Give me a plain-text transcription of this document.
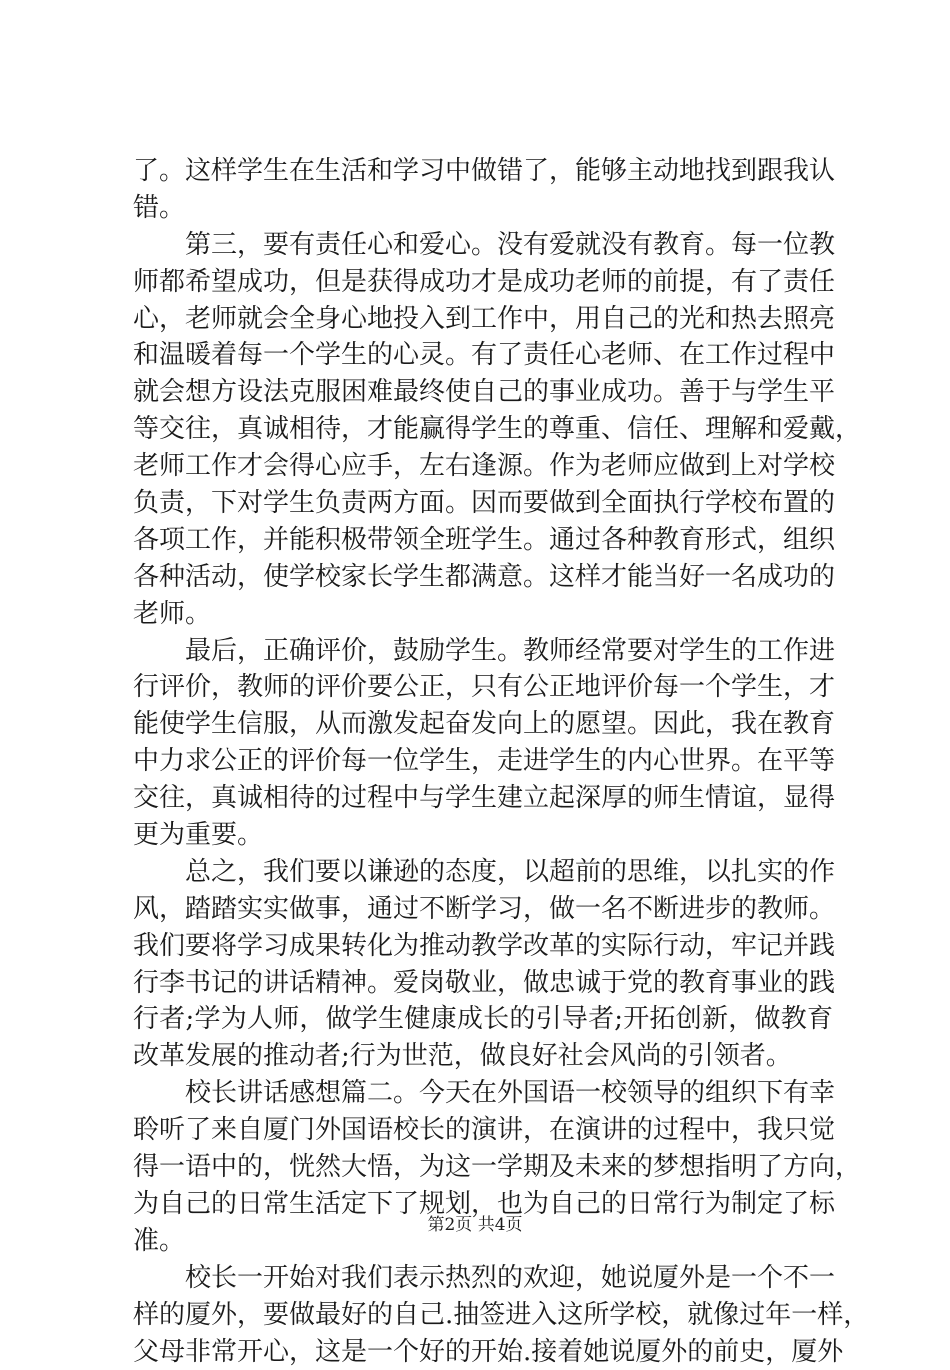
了。这样学生在生活和学习中做错了，能够主动地找到跟我认
错。
　　第三，要有责任心和爱心。没有爱就没有教育。每一位教
师都希望成功，但是获得成功才是成功老师的前提，有了责任
心，老师就会全身心地投入到工作中，用自己的光和热去照亮
和温暖着每一个学生的心灵。有了责任心老师、在工作过程中
就会想方设法克服困难最终使自己的事业成功。善于与学生平
等交往，真诚相待，才能赢得学生的尊重、信任、理解和爱戴，
老师工作才会得心应手，左右逢源。作为老师应做到上对学校
负责，下对学生负责两方面。因而要做到全面执行学校布置的
各项工作，并能积极带领全班学生。通过各种教育形式，组织
各种活动，使学校家长学生都满意。这样才能当好一名成功的
老师。
　　最后，正确评价，鼓励学生。教师经常要对学生的工作进
行评价，教师的评价要公正，只有公正地评价每一个学生，才
能使学生信服，从而激发起奋发向上的愿望。因此，我在教育
中力求公正的评价每一位学生，走进学生的内心世界。在平等
交往，真诚相待的过程中与学生建立起深厚的师生情谊，显得
更为重要。
　　总之，我们要以谦逊的态度，以超前的思维，以扎实的作
风，踏踏实实做事，通过不断学习，做一名不断进步的教师。
我们要将学习成果转化为推动教学改革的实际行动，牢记并践
行李书记的讲话精神。爱岗敬业，做忠诚于党的教育事业的践
行者;学为人师，做学生健康成长的引导者;开拓创新，做教育
改革发展的推动者;行为世范，做良好社会风尚的引领者。
　　校长讲话感想篇二。今天在外国语一校领导的组织下有幸
聆听了来自厦门外国语校长的演讲，在演讲的过程中，我只觉
得一语中的，恍然大悟，为这一学期及未来的梦想指明了方向，
为自己的日常生活定下了规划，也为自己的日常行为制定了标
准。
　　校长一开始对我们表示热烈的欢迎，她说厦外是一个不一
样的厦外，要做最好的自己.抽签进入这所学校，就像过年一样，
父母非常开心，这是一个好的开始.接着她说厦外的前史，厦外
第2页 共4页
